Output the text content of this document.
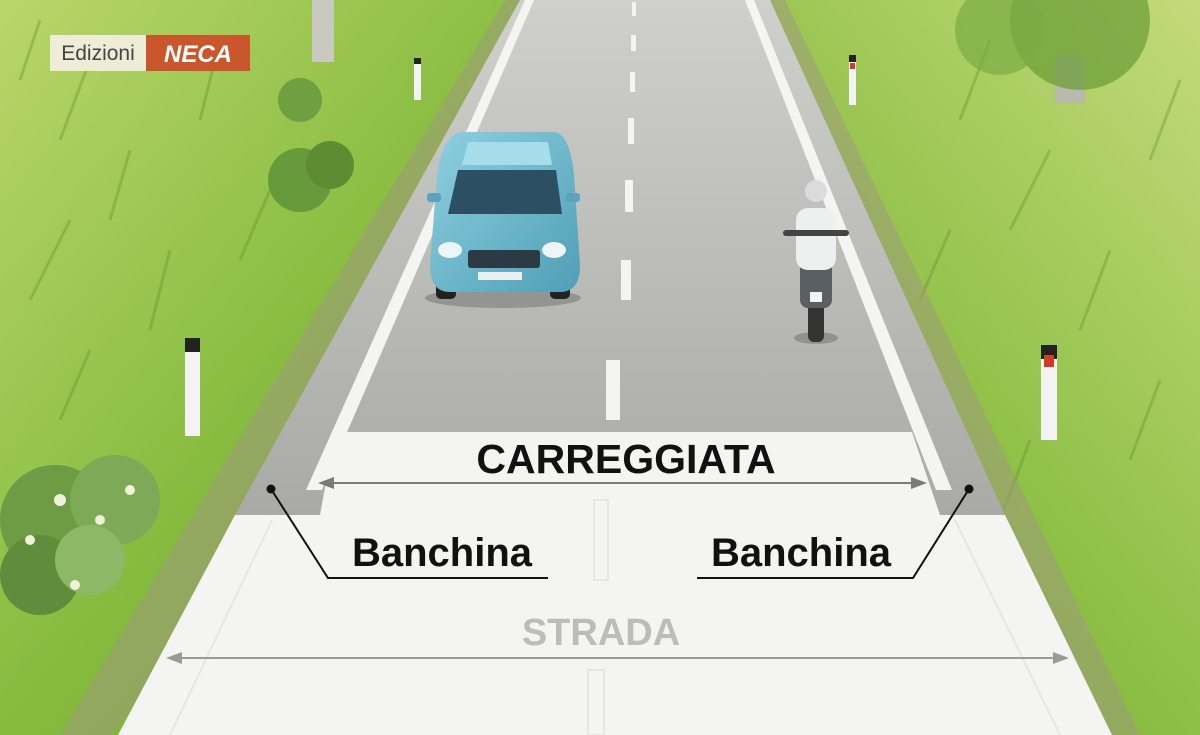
CARREGGIATA
Banchina	Banchina
STRADA
Edizioni NECA
